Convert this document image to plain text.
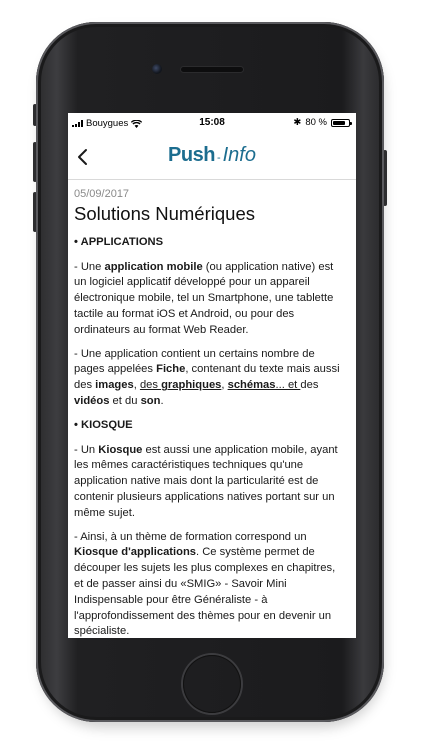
Bouygues	15:08	✱ 80 %
Push - Info

05/09/2017

Solutions Numériques

• APPLICATIONS

- Une application mobile (ou application native) est un logiciel applicatif développé pour un appareil électronique mobile, tel un Smartphone, une tablette tactile au format iOS et Android, ou pour des ordinateurs au format Web Reader.

- Une application contient un certains nombre de pages appelées Fiche, contenant du texte mais aussi des images, des graphiques, schémas... et des vidéos et du son.

• KIOSQUE

- Un Kiosque est aussi une application mobile, ayant les mêmes caractéristiques techniques qu'une application native mais dont la particularité est de contenir plusieurs applications natives portant sur un même sujet.

- Ainsi, à un thème de formation correspond un Kiosque d'applications. Ce système permet de découper les sujets les plus complexes en chapitres, et de passer ainsi du «SMIG» - Savoir Mini Indispensable pour être Généraliste - à l'approfondissement des thèmes pour en devenir un spécialiste.
